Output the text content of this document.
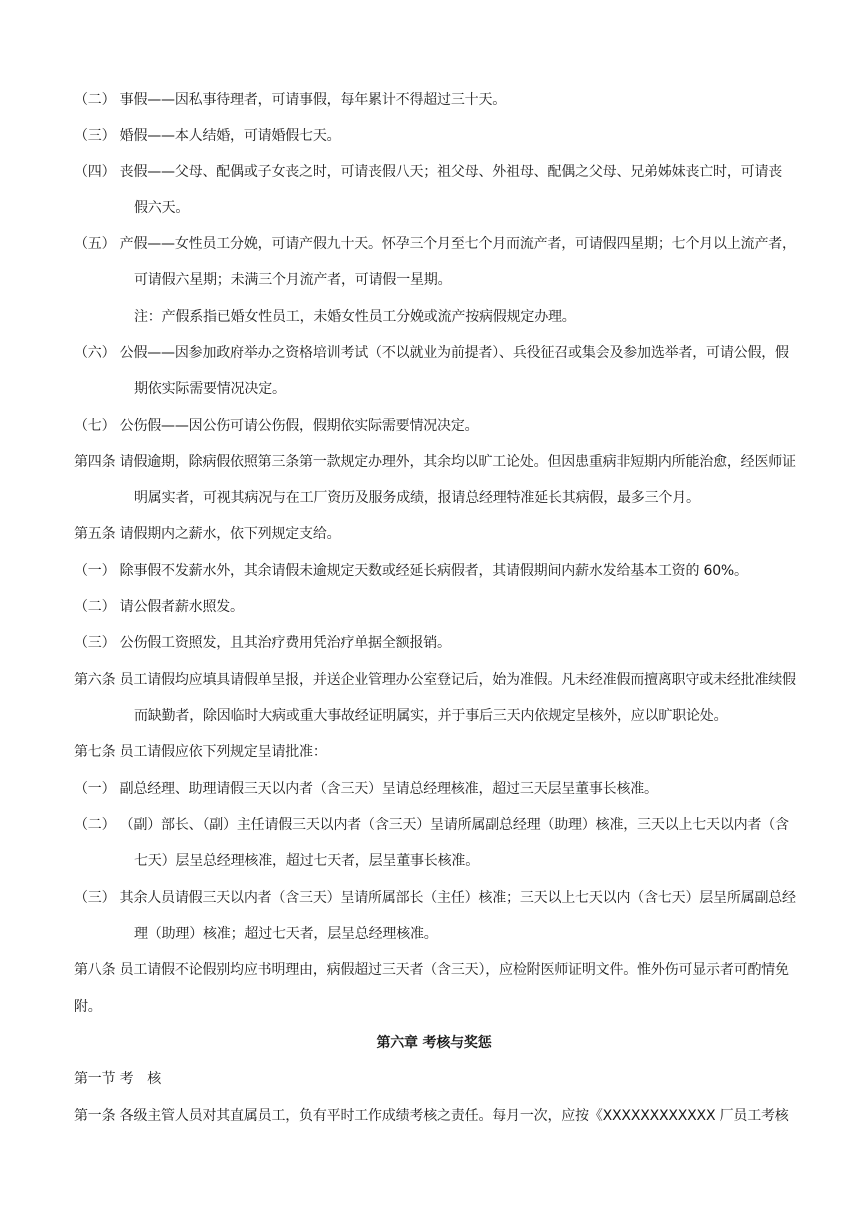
（二） 事假——因私事待理者，可请事假，每年累计不得超过三十天。
（三） 婚假——本人结婚，可请婚假七天。
（四） 丧假——父母、配偶或子女丧之时，可请丧假八天；祖父母、外祖母、配偶之父母、兄弟姊妹丧亡时，可请丧
假六天。
（五） 产假——女性员工分娩，可请产假九十天。怀孕三个月至七个月而流产者，可请假四星期；七个月以上流产者，
可请假六星期；未满三个月流产者，可请假一星期。
注：产假系指已婚女性员工，未婚女性员工分娩或流产按病假规定办理。
（六） 公假——因参加政府举办之资格培训考试（不以就业为前提者）、兵役征召或集会及参加选举者，可请公假，假
期依实际需要情况决定。
（七） 公伤假——因公伤可请公伤假，假期依实际需要情况决定。
第四条 请假逾期，除病假依照第三条第一款规定办理外，其余均以旷工论处。但因患重病非短期内所能治愈，经医师证
明属实者，可视其病况与在工厂资历及服务成绩，报请总经理特准延长其病假，最多三个月。
第五条 请假期内之薪水，依下列规定支给。
（一） 除事假不发薪水外，其余请假未逾规定天数或经延长病假者，其请假期间内薪水发给基本工资的 60%。
（二） 请公假者薪水照发。
（三） 公伤假工资照发，且其治疗费用凭治疗单据全额报销。
第六条 员工请假均应填具请假单呈报，并送企业管理办公室登记后，始为准假。凡未经准假而擅离职守或未经批准续假
而缺勤者，除因临时大病或重大事故经证明属实，并于事后三天内依规定呈核外，应以旷职论处。
第七条 员工请假应依下列规定呈请批准：
（一） 副总经理、助理请假三天以内者（含三天）呈请总经理核准，超过三天层呈董事长核准。
（二） （副）部长、（副）主任请假三天以内者（含三天）呈请所属副总经理（助理）核准，三天以上七天以内者（含
七天）层呈总经理核准，超过七天者，层呈董事长核准。
（三） 其余人员请假三天以内者（含三天）呈请所属部长（主任）核准；三天以上七天以内（含七天）层呈所属副总经
理（助理）核准；超过七天者，层呈总经理核准。
第八条 员工请假不论假别均应书明理由，病假超过三天者（含三天），应检附医师证明文件。惟外伤可显示者可酌情免
附。
第六章 考核与奖惩
第一节 考　核
第一条 各级主管人员对其直属员工，负有平时工作成绩考核之责任。每月一次，应按《XXXXXXXXXXXX 厂员工考核
